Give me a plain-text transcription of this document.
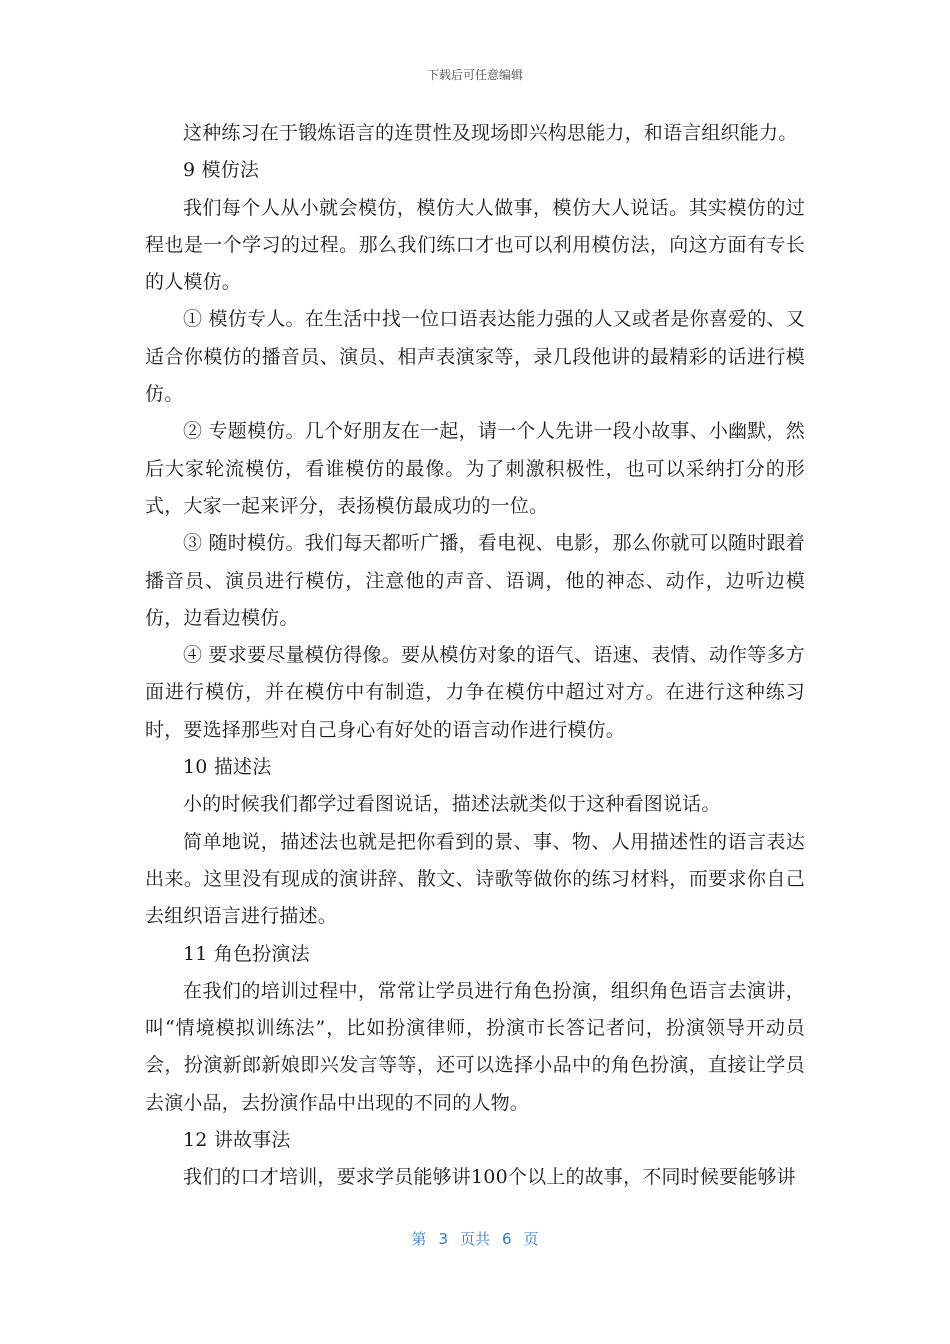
下载后可任意编辑

这种练习在于锻炼语言的连贯性及现场即兴构思能力，和语言组织能力。

9 模仿法

我们每个人从小就会模仿，模仿大人做事，模仿大人说话。其实模仿的过程也是一个学习的过程。那么我们练口才也可以利用模仿法，向这方面有专长的人模仿。

① 模仿专人。在生活中找一位口语表达能力强的人又或者是你喜爱的、又适合你模仿的播音员、演员、相声表演家等，录几段他讲的最精彩的话进行模仿。

② 专题模仿。几个好朋友在一起，请一个人先讲一段小故事、小幽默，然后大家轮流模仿，看谁模仿的最像。为了刺激积极性，也可以采纳打分的形式，大家一起来评分，表扬模仿最成功的一位。

③ 随时模仿。我们每天都听广播，看电视、电影，那么你就可以随时跟着播音员、演员进行模仿，注意他的声音、语调，他的神态、动作，边听边模仿，边看边模仿。

④ 要求要尽量模仿得像。要从模仿对象的语气、语速、表情、动作等多方面进行模仿，并在模仿中有制造，力争在模仿中超过对方。在进行这种练习时，要选择那些对自己身心有好处的语言动作进行模仿。

10 描述法

小的时候我们都学过看图说话，描述法就类似于这种看图说话。

简单地说，描述法也就是把你看到的景、事、物、人用描述性的语言表达出来。这里没有现成的演讲辞、散文、诗歌等做你的练习材料，而要求你自己去组织语言进行描述。

11 角色扮演法

在我们的培训过程中，常常让学员进行角色扮演，组织角色语言去演讲，叫“情境模拟训练法”，比如扮演律师，扮演市长答记者问，扮演领导开动员会，扮演新郎新娘即兴发言等等，还可以选择小品中的角色扮演，直接让学员去演小品，去扮演作品中出现的不同的人物。

12 讲故事法

我们的口才培训，要求学员能够讲100个以上的故事，不同时候要能够讲

第 3 页共 6 页
